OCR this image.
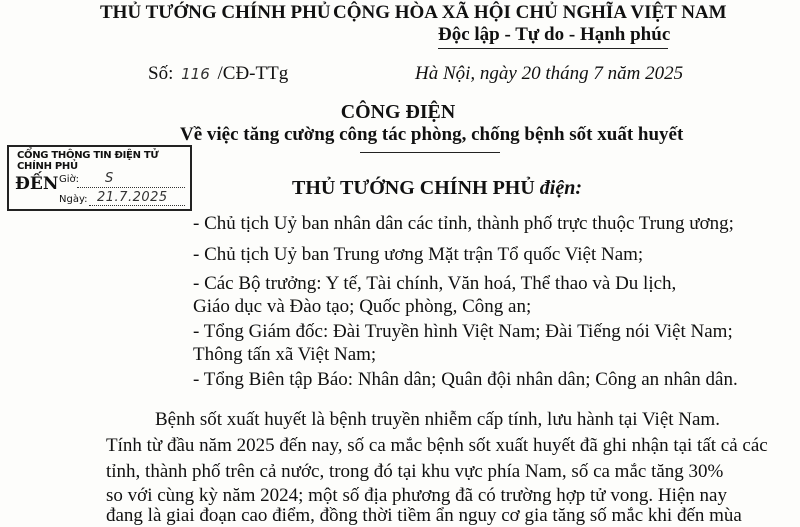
THỦ TƯỚNG CHÍNH PHỦ CỘNG HÒA XÃ HỘI CHỦ NGHĨA VIỆT NAM
Độc lập - Tự do - Hạnh phúc
Số: 116 /CĐ-TTg	Hà Nội, ngày 20 tháng 7 năm 2025
CÔNG ĐIỆN
Về việc tăng cường công tác phòng, chống bệnh sốt xuất huyết
CỔNG THÔNG TIN ĐIỆN TỬ CHÍNH PHỦ
ĐẾN Giờ: S
Ngày: 21.7.2025	THỦ TƯỚNG CHÍNH PHỦ điện:
- Chủ tịch Uỷ ban nhân dân các tỉnh, thành phố trực thuộc Trung ương;
- Chủ tịch Uỷ ban Trung ương Mặt trận Tổ quốc Việt Nam;
- Các Bộ trưởng: Y tế, Tài chính, Văn hoá, Thể thao và Du lịch,
Giáo dục và Đào tạo; Quốc phòng, Công an;
- Tổng Giám đốc: Đài Truyền hình Việt Nam; Đài Tiếng nói Việt Nam;
Thông tấn xã Việt Nam;
- Tổng Biên tập Báo: Nhân dân; Quân đội nhân dân; Công an nhân dân.
Bệnh sốt xuất huyết là bệnh truyền nhiễm cấp tính, lưu hành tại Việt Nam.
Tính từ đầu năm 2025 đến nay, số ca mắc bệnh sốt xuất huyết đã ghi nhận tại tất cả các
tỉnh, thành phố trên cả nước, trong đó tại khu vực phía Nam, số ca mắc tăng 30%
so với cùng kỳ năm 2024; một số địa phương đã có trường hợp tử vong. Hiện nay
đang là giai đoạn cao điểm, đồng thời tiềm ẩn nguy cơ gia tăng số mắc khi đến mùa
